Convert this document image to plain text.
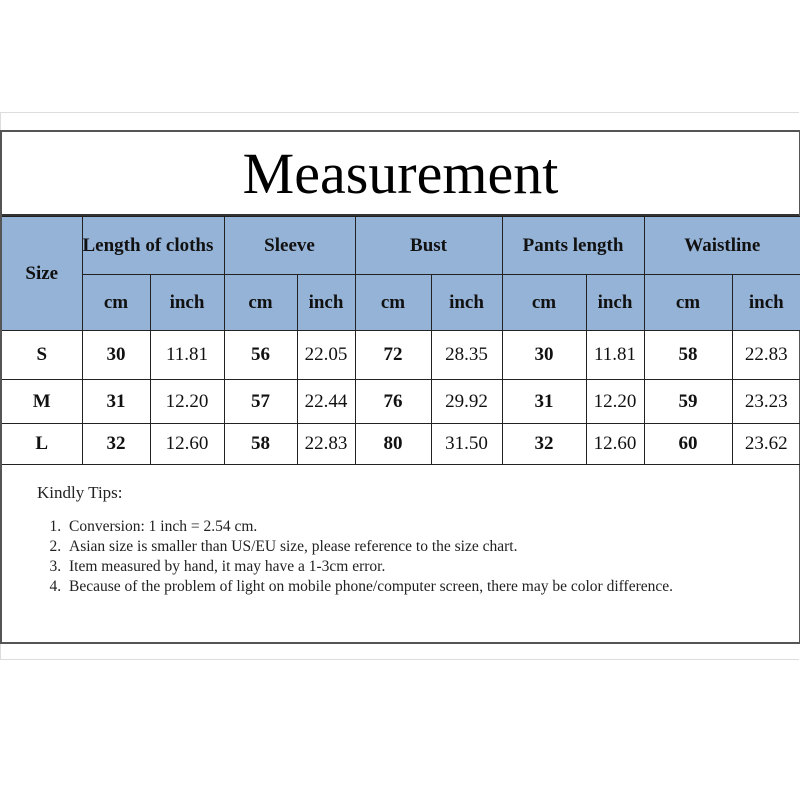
Measurement
Size	Length of cloths		Sleeve		Bust		Pants length		Waistline	
	cm	inch	cm	inch	cm	inch	cm	inch	cm	inch
S	30	11.81	56	22.05	72	28.35	30	11.81	58	22.83
M	31	12.20	57	22.44	76	29.92	31	12.20	59	23.23
L	32	12.60	58	22.83	80	31.50	32	12.60	60	23.62
Kindly Tips:
1. Conversion: 1 inch = 2.54 cm.
2. Asian size is smaller than US/EU size, please reference to the size chart.
3. Item measured by hand, it may have a 1-3cm error.
4. Because of the problem of light on mobile phone/computer screen, there may be color difference.
